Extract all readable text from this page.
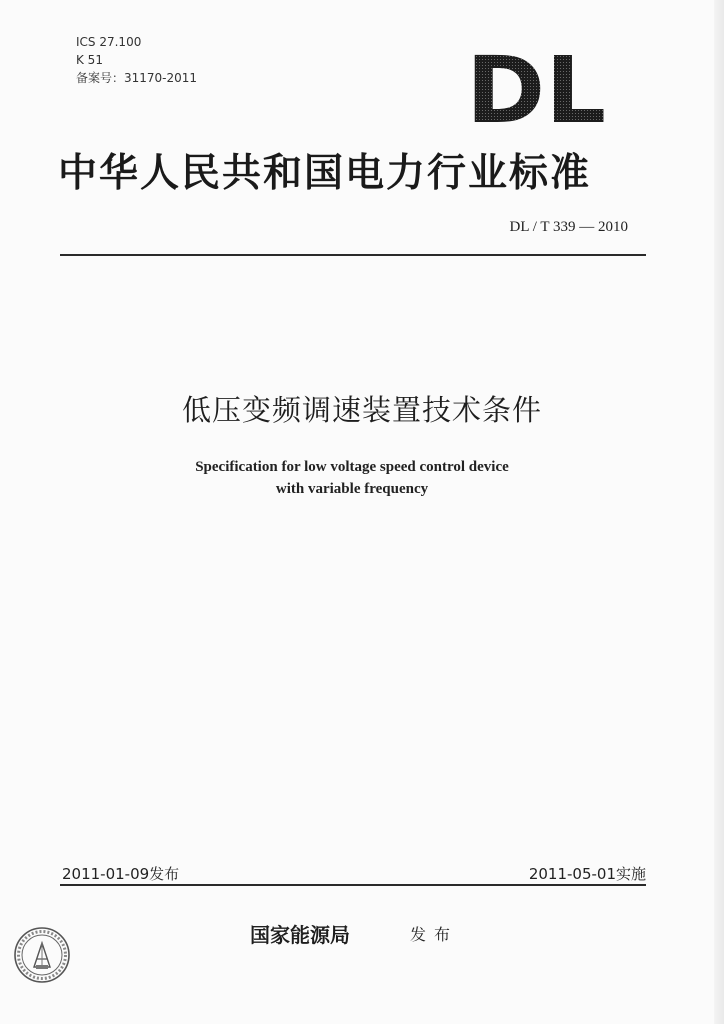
ICS 27.100
K 51
备案号：31170-2011	DL
中华人民共和国电力行业标准
DL / T 339 — 2010
低压变频调速装置技术条件
Specification for low voltage speed control device
with variable frequency
2011-01-09发布	2011-05-01实施
国家能源局	发布
